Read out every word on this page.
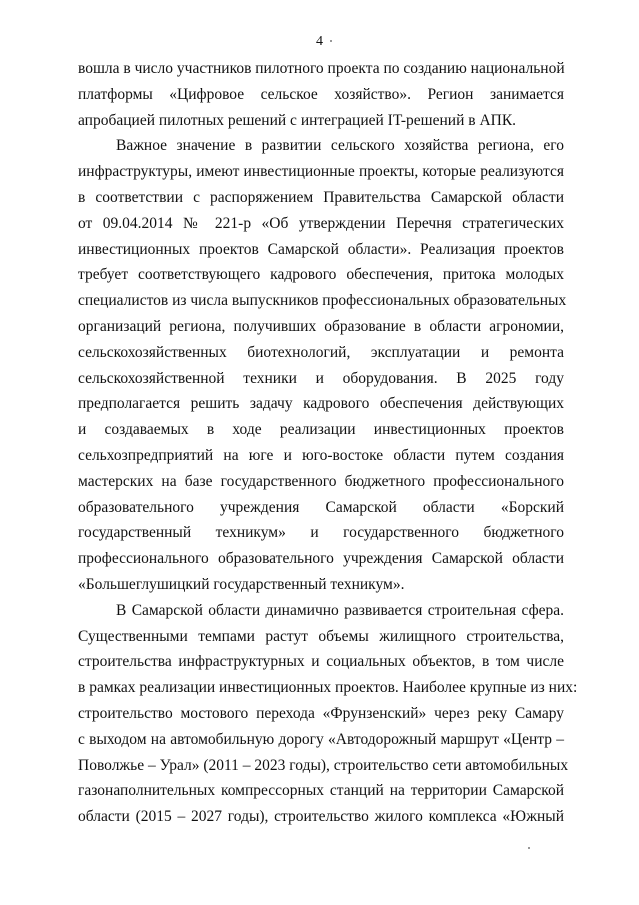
4
вошла в число участников пилотного проекта по созданию национальной
платформы «Цифровое сельское хозяйство». Регион занимается
апробацией пилотных решений с интеграцией IT-решений в АПК.
Важное значение в развитии сельского хозяйства региона, его
инфраструктуры, имеют инвестиционные проекты, которые реализуются
в соответствии с распоряжением Правительства Самарской области
от 09.04.2014 № 221-р «Об утверждении Перечня стратегических
инвестиционных проектов Самарской области». Реализация проектов
требует соответствующего кадрового обеспечения, притока молодых
специалистов из числа выпускников профессиональных образовательных
организаций региона, получивших образование в области агрономии,
сельскохозяйственных биотехнологий, эксплуатации и ремонта
сельскохозяйственной техники и оборудования. В 2025 году
предполагается решить задачу кадрового обеспечения действующих
и создаваемых в ходе реализации инвестиционных проектов
сельхозпредприятий на юге и юго-востоке области путем создания
мастерских на базе государственного бюджетного профессионального
образовательного учреждения Самарской области «Борский
государственный техникум» и государственного бюджетного
профессионального образовательного учреждения Самарской области
«Большеглушицкий государственный техникум».
В Самарской области динамично развивается строительная сфера.
Существенными темпами растут объемы жилищного строительства,
строительства инфраструктурных и социальных объектов, в том числе
в рамках реализации инвестиционных проектов. Наиболее крупные из них:
строительство мостового перехода «Фрунзенский» через реку Самару
с выходом на автомобильную дорогу «Автодорожный маршрут «Центр –
Поволжье – Урал» (2011 – 2023 годы), строительство сети автомобильных
газонаполнительных компрессорных станций на территории Самарской
области (2015 – 2027 годы), строительство жилого комплекса «Южный
